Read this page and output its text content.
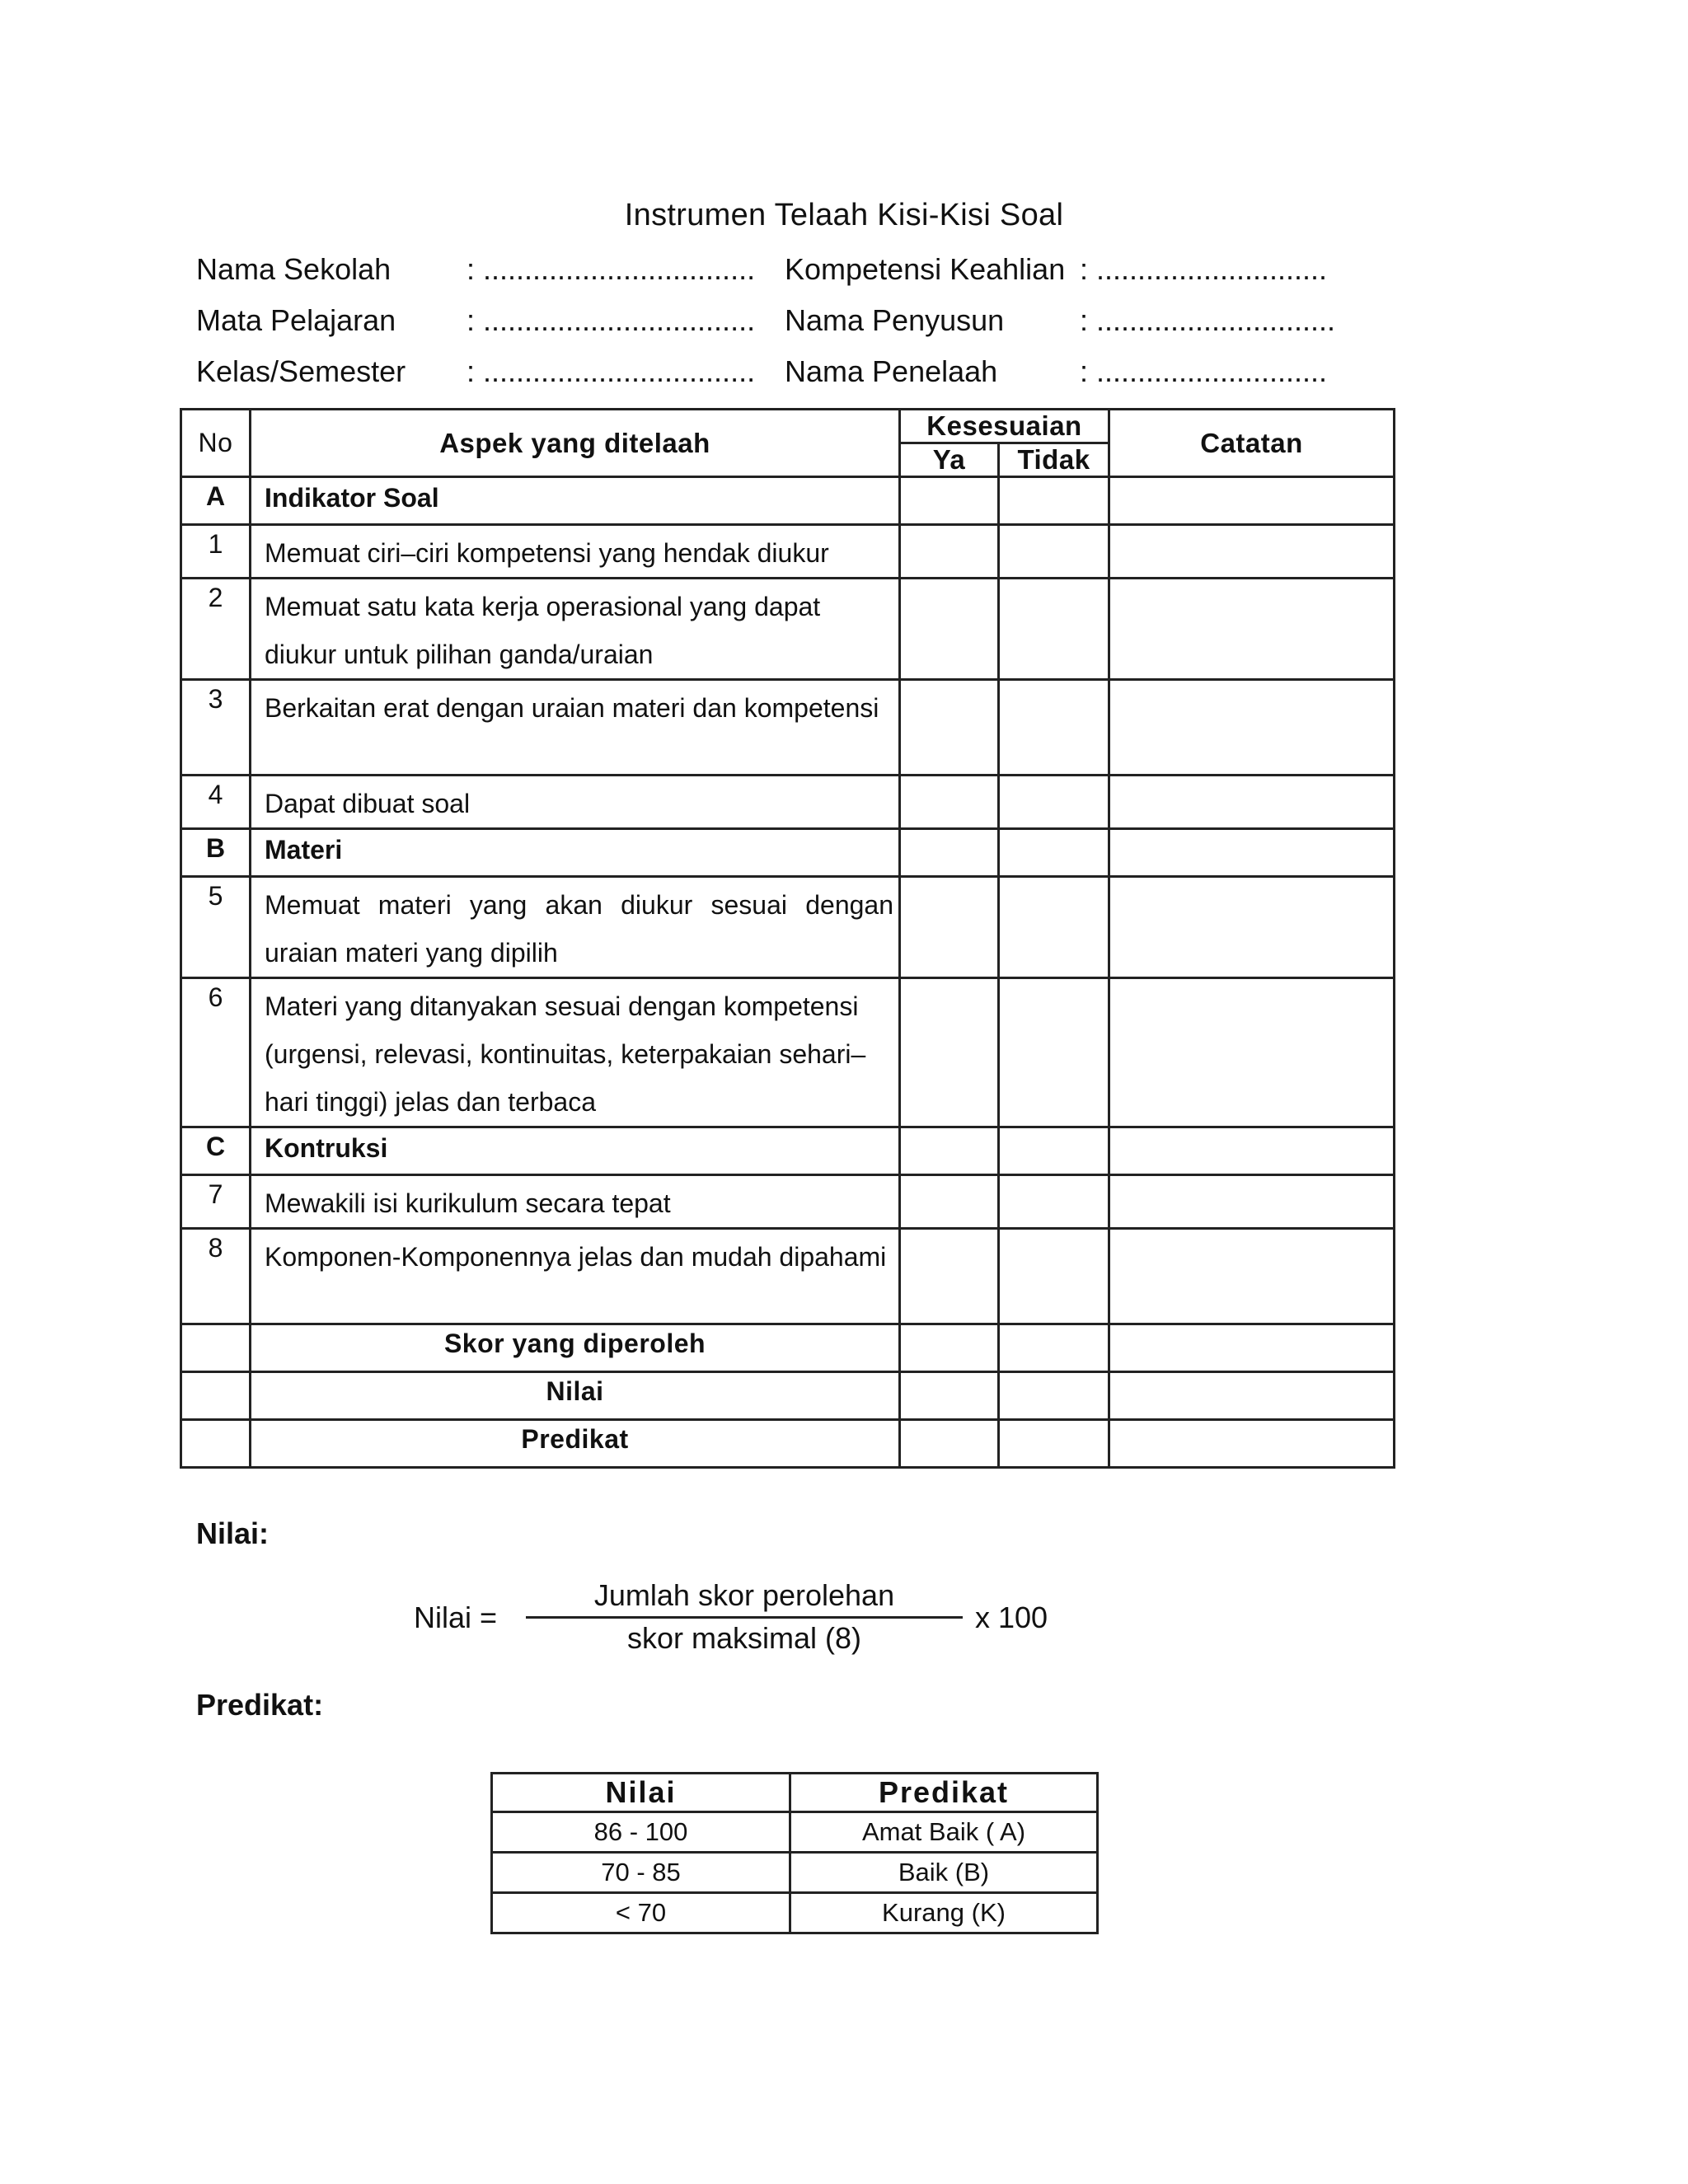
Instrumen Telaah Kisi-Kisi Soal
Nama Sekolah	: .................................
Mata Pelajaran : .................................
Kelas/Semester : .................................
Kompetensi Keahlian : ............................
Nama Penyusun	: .............................
Nama Penelaah	: ............................
No	Aspek yang ditelaah	Kesesuaian		Catatan
		Ya	Tidak	
A	Indikator Soal			
1	Memuat ciri–ciri kompetensi yang hendak diukur			
2	Memuat satu kata kerja operasional yang dapat diukur untuk pilihan ganda/uraian			
3	Berkaitan erat dengan uraian materi dan kompetensi			
4	Dapat dibuat soal			
B	Materi			
5	Memuat materi yang akan diukur sesuai dengan uraian materi yang dipilih			
6	Materi yang ditanyakan sesuai dengan kompetensi (urgensi, relevasi, kontinuitas, keterpakaian sehari–hari tinggi) jelas dan terbaca			
C	Kontruksi			
7	Mewakili isi kurikulum secara tepat			
8	Komponen-Komponennya jelas dan mudah dipahami			
	Skor yang diperoleh			
	Nilai			
	Predikat			
Nilai:
Nilai =
Jumlah skor perolehan
skor maksimal (8)
x 100
Predikat:
Nilai	Predikat
86 - 100	Amat Baik ( A)
70 - 85	Baik (B)
< 70	Kurang (K)
